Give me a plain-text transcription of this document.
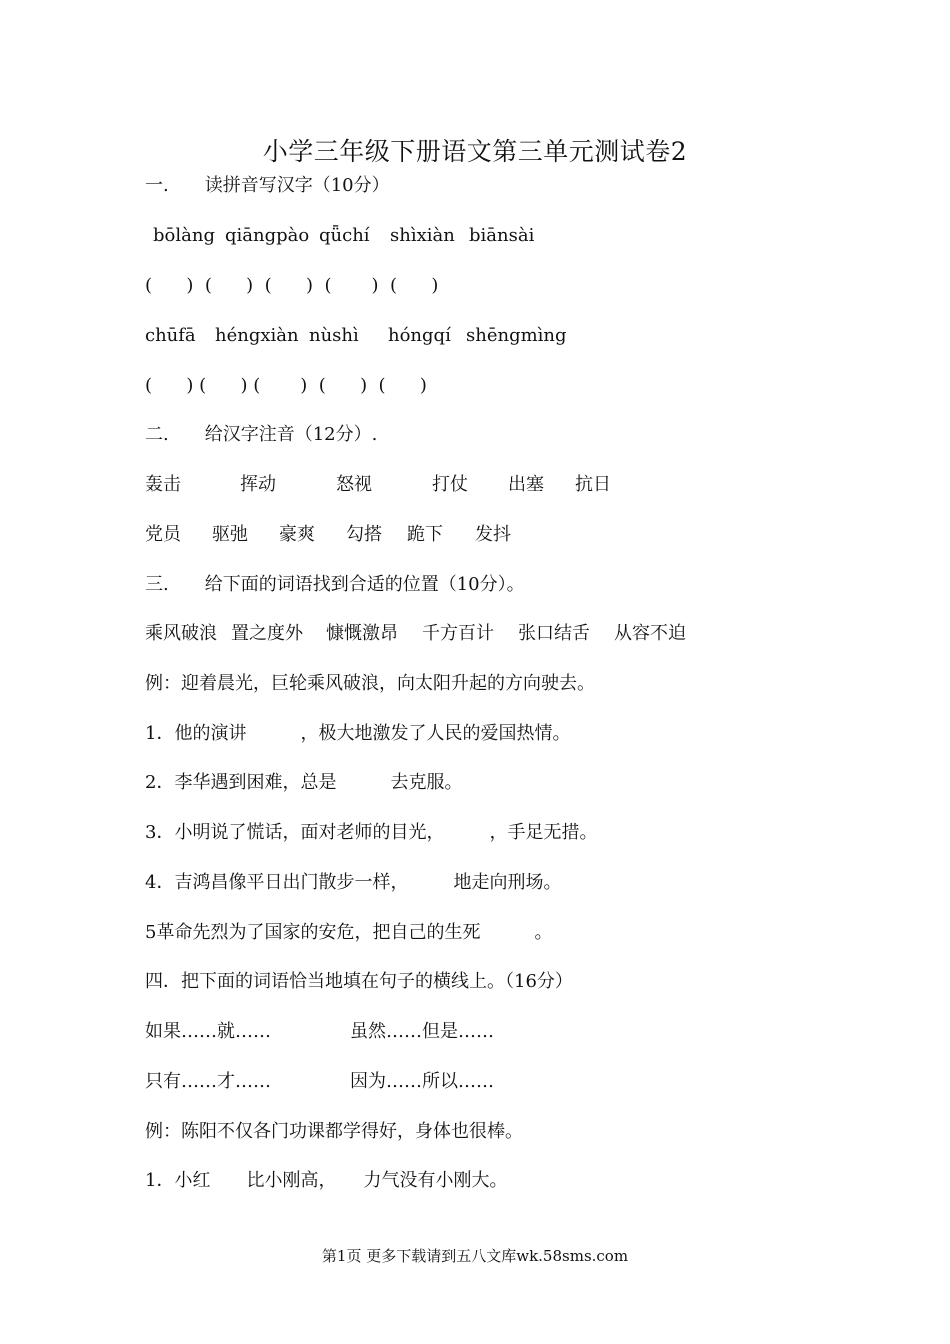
小学三年级下册语文第三单元测试卷2
一.　　读拼音写汉字（10分）
bōlàng qiāngpào qǖchí shìxiàn biānsài
(      )  (      )  (      )  (       )  (      )
chūfā héngxiàn nùshì hóngqí shēngmìng
(      ) (      ) (       )  (      )  (      )
二.　　给汉字注音（12分）.
轰击	挥动	怒视	打仗 出塞 抗日
党员 驱弛 豪爽 勾搭 跪下 发抖
三.　　给下面的词语找到合适的位置（10分）。
乘风破浪 置之度外 慷慨激昂 千方百计 张口结舌 从容不迫
例：迎着晨光，巨轮乘风破浪，向太阳升起的方向驶去。
1．他的演讲　　　，极大地激发了人民的爱国热情。
2．李华遇到困难，总是　　　去克服。
3．小明说了慌话，面对老师的目光，　　　，手足无措。
4．吉鸿昌像平日出门散步一样，　　　地走向刑场。
5革命先烈为了国家的安危，把自己的生死　　　。
四．把下面的词语恰当地填在句子的横线上。（16分）
如果……就……	虽然……但是……
只有……才……	因为……所以……
例：陈阳不仅各门功课都学得好，身体也很棒。
1．小红　　比小刚高，　　力气没有小刚大。
第1页 更多下载请到五八文库wk.58sms.com
